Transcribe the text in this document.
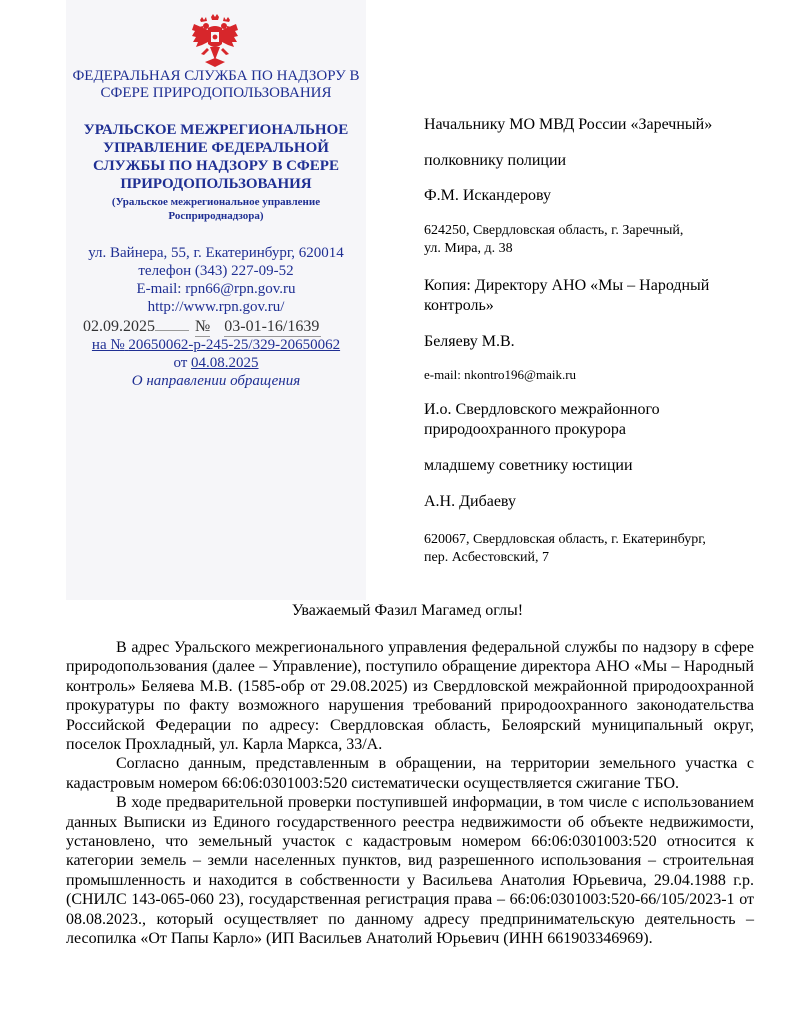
ФЕДЕРАЛЬНАЯ СЛУЖБА ПО НАДЗОРУ В
СФЕРЕ ПРИРОДОПОЛЬЗОВАНИЯ
УРАЛЬСКОЕ МЕЖРЕГИОНАЛЬНОЕ
УПРАВЛЕНИЕ ФЕДЕРАЛЬНОЙ
СЛУЖБЫ ПО НАДЗОРУ В СФЕРЕ
ПРИРОДОПОЛЬЗОВАНИЯ
(Уральское межрегиональное управление
Росприроднадзора)
ул. Вайнера, 55, г. Екатеринбург, 620014
телефон (343) 227-09-52
E-mail: rpn66@rpn.gov.ru
http://www.rpn.gov.ru/
02.09.2025	№ 03-01-16/1639
на № 20650062-р-245-25/329-20650062
от 04.08.2025
О направлении обращения
Начальнику МО МВД России «Заречный»
полковнику полиции
Ф.М. Искандерову
624250, Свердловская область, г. Заречный,
ул. Мира, д. 38
Копия: Директору АНО «Мы – Народный
контроль»
Беляеву М.В.
e-mail: nkontro196@maik.ru
И.о. Свердловского межрайонного
природоохранного прокурора
младшему советнику юстиции
А.Н. Дибаеву
620067, Свердловская область, г. Екатеринбург,
пер. Асбестовский, 7
Уважаемый Фазил Магамед оглы!

В адрес Уральского межрегионального управления федеральной службы по надзору в сфере природопользования (далее – Управление), поступило обращение директора АНО «Мы – Народный контроль» Беляева М.В. (1585-обр от 29.08.2025) из Свердловской межрайонной природоохранной прокуратуры по факту возможного нарушения требований природоохранного законодательства Российской Федерации по адресу: Свердловская область, Белоярский муниципальный округ, поселок Прохладный, ул. Карла Маркса, 33/А.

Согласно данным, представленным в обращении, на территории земельного участка с кадастровым номером 66:06:0301003:520 систематически осуществляется сжигание ТБО.

В ходе предварительной проверки поступившей информации, в том числе с использованием данных Выписки из Единого государственного реестра недвижимости об объекте недвижимости, установлено, что земельный участок с кадастровым номером 66:06:0301003:520 относится к категории земель – земли населенных пунктов, вид разрешенного использования – строительная промышленность и находится в собственности у Васильева Анатолия Юрьевича, 29.04.1988 г.р. (СНИЛС 143-065-060 23), государственная регистрация права – 66:06:0301003:520-66/105/2023-1 от 08.08.2023., который осуществляет по данному адресу предпринимательскую деятельность – лесопилка «От Папы Карло» (ИП Васильев Анатолий Юрьевич (ИНН 661903346969).
